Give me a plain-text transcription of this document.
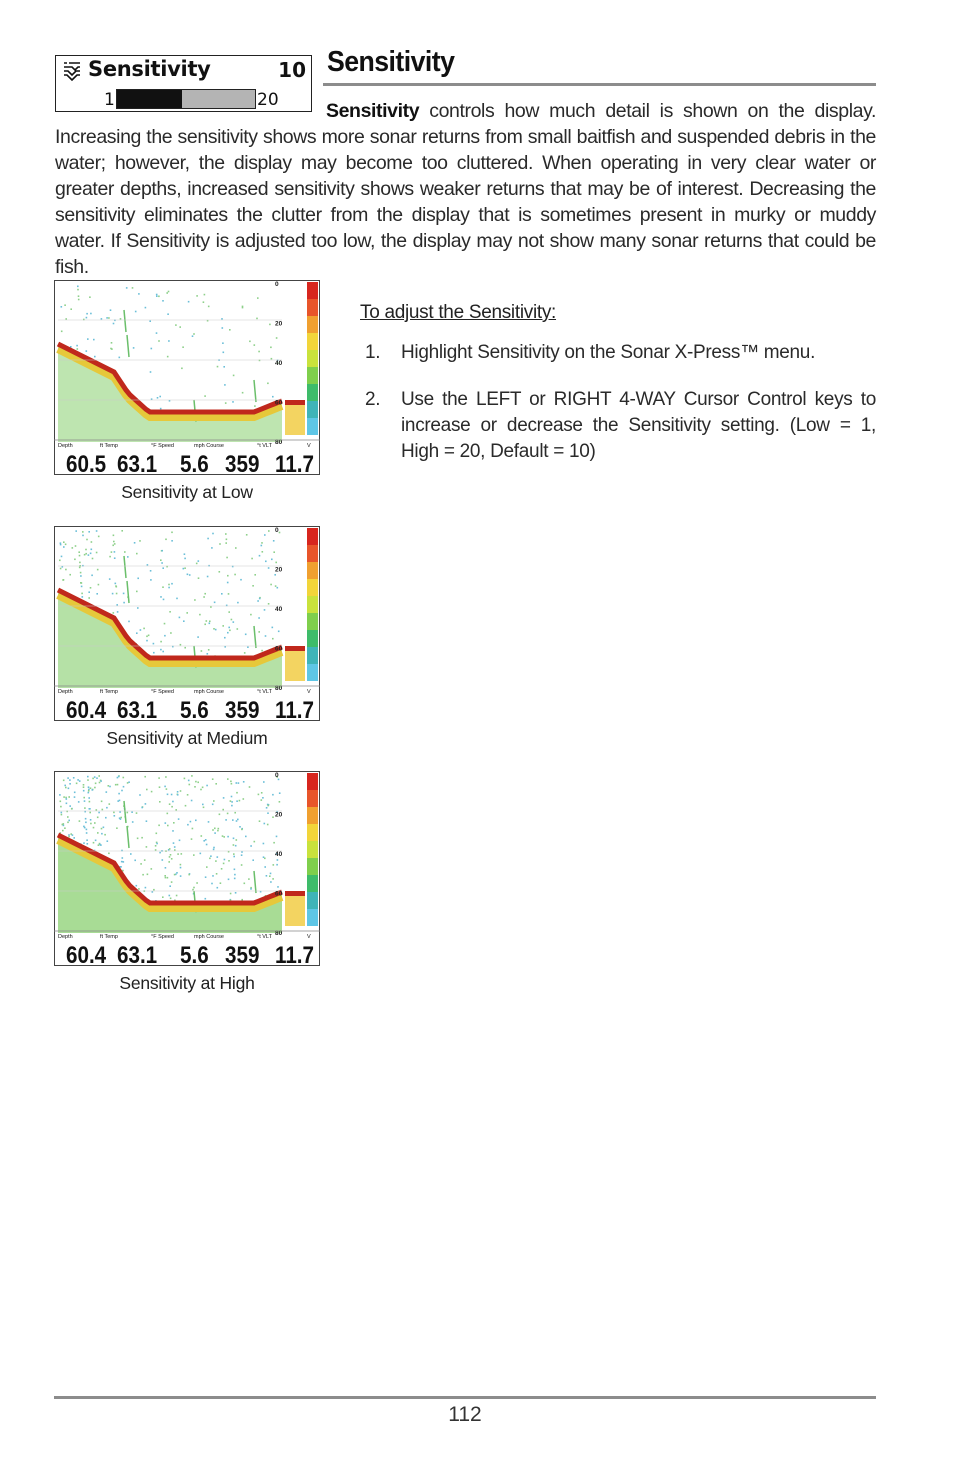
Sensitivity	10
1	20
Sensitivity

Sensitivity controls how much detail is shown on the display. Increasing the sensitivity shows more sonar returns from small baitfish and suspended debris in the water; however, the display may become too cluttered. When operating in very clear water or greater depths, increased sensitivity shows weaker returns that may be of interest. Decreasing the sensitivity eliminates the clutter from the display that is sometimes present in murky or muddy water. If Sensitivity is adjusted too low, the display may not show many sonar returns that could be fish.

0
20
40
60
80
Depth	ft Temp	°F Speed	mph Course	°t VLT	V
60.5 63.1 5.6 359 11.7
Sensitivity at Low
0
20
40
60
80
Depth	ft Temp	°F Speed	mph Course	°t VLT	V
60.4 63.1 5.6 359 11.7
Sensitivity at Medium
0
20
40
60
80
Depth	ft Temp	°F Speed	mph Course	°t VLT	V
60.4 63.1 5.6 359 11.7
Sensitivity at High
To adjust the Sensitivity:
1. Highlight Sensitivity on the Sonar X-Press™ menu.
2. Use the LEFT or RIGHT 4-WAY Cursor Control keys to increase or decrease the Sensitivity setting. (Low = 1, High = 20, Default = 10)
112
